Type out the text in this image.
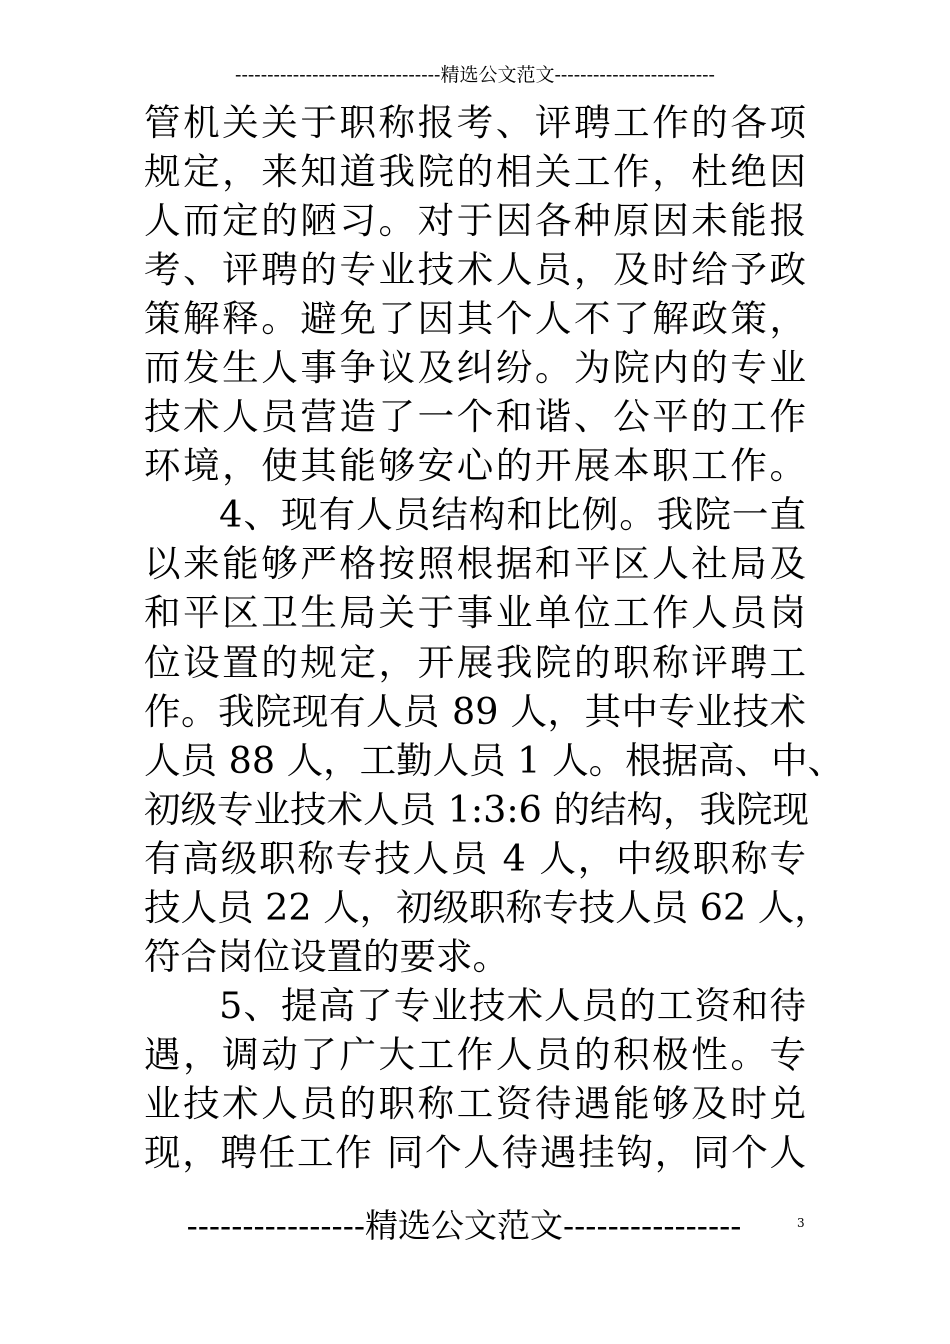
--------------------------------精选公文范文-------------------------
管机关关于职称报考、评聘工作的各项
规定，来知道我院的相关工作，杜绝因
人而定的陋习。对于因各种原因未能报
考、评聘的专业技术人员，及时给予政
策解释。避免了因其个人不了解政策，
而发生人事争议及纠纷。为院内的专业
技术人员营造了一个和谐、公平的工作
环境，使其能够安心的开展本职工作。
　　4、现有人员结构和比例。我院一直
以来能够严格按照根据和平区人社局及
和平区卫生局关于事业单位工作人员岗
位设置的规定，开展我院的职称评聘工
作。我院现有人员 89 人，其中专业技术
人员 88 人，工勤人员 1 人。根据高、中、
初级专业技术人员 1:3:6 的结构，我院现
有高级职称专技人员 4 人，中级职称专
技人员 22 人，初级职称专技人员 62 人，
符合岗位设置的要求。
　　5、提高了专业技术人员的工资和待
遇，调动了广大工作人员的积极性。专
业技术人员的职称工资待遇能够及时兑
现，聘任工作 同个人待遇挂钩，同个人
----------------精选公文范文----------------	3
